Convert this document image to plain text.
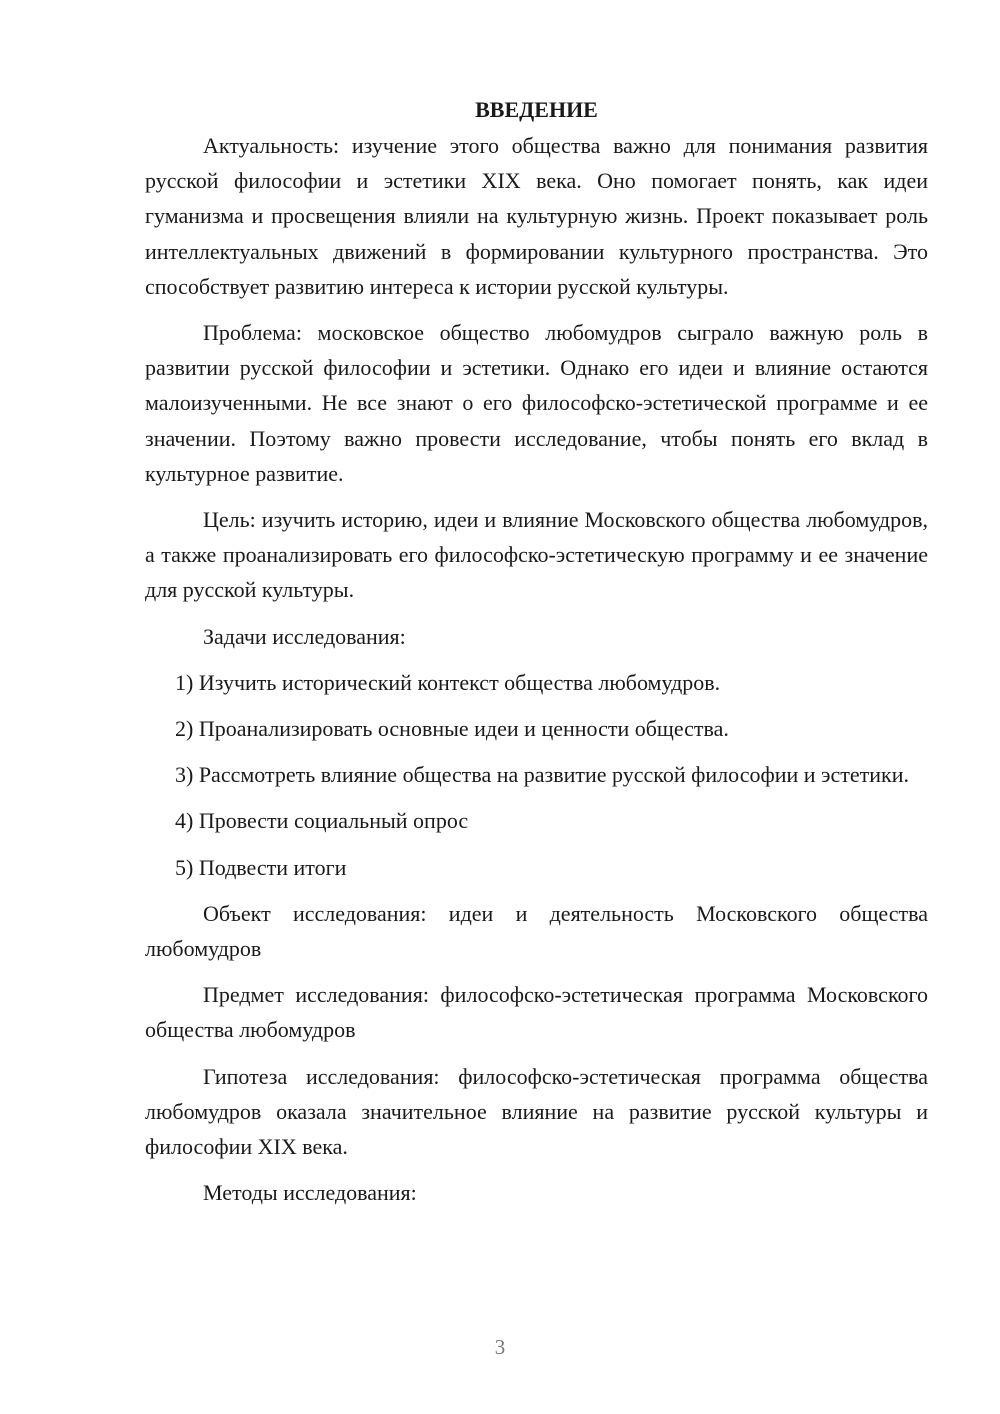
ВВЕДЕНИЕ

Актуальность: изучение этого общества важно для понимания развития русской философии и эстетики XIX века. Оно помогает понять, как идеи гуманизма и просвещения влияли на культурную жизнь. Проект показывает роль интеллектуальных движений в формировании культурного пространства. Это способствует развитию интереса к истории русской культуры.

Проблема: московское общество любомудров сыграло важную роль в развитии русской философии и эстетики. Однако его идеи и влияние остаются малоизученными. Не все знают о его философско-эстетической программе и ее значении. Поэтому важно провести исследование, чтобы понять его вклад в культурное развитие.

Цель: изучить историю, идеи и влияние Московского общества любомудров, а также проанализировать его философско-эстетическую программу и ее значение для русской культуры.

Задачи исследования:

1) Изучить исторический контекст общества любомудров.

2) Проанализировать основные идеи и ценности общества.

3) Рассмотреть влияние общества на развитие русской философии и эстетики.

4) Провести социальный опрос

5) Подвести итоги

Объект исследования: идеи и деятельность Московского общества любомудров

Предмет исследования: философско-эстетическая программа Московского общества любомудров

Гипотеза исследования: философско-эстетическая программа общества любомудров оказала значительное влияние на развитие русской культуры и философии XIX века.

Методы исследования:

3
